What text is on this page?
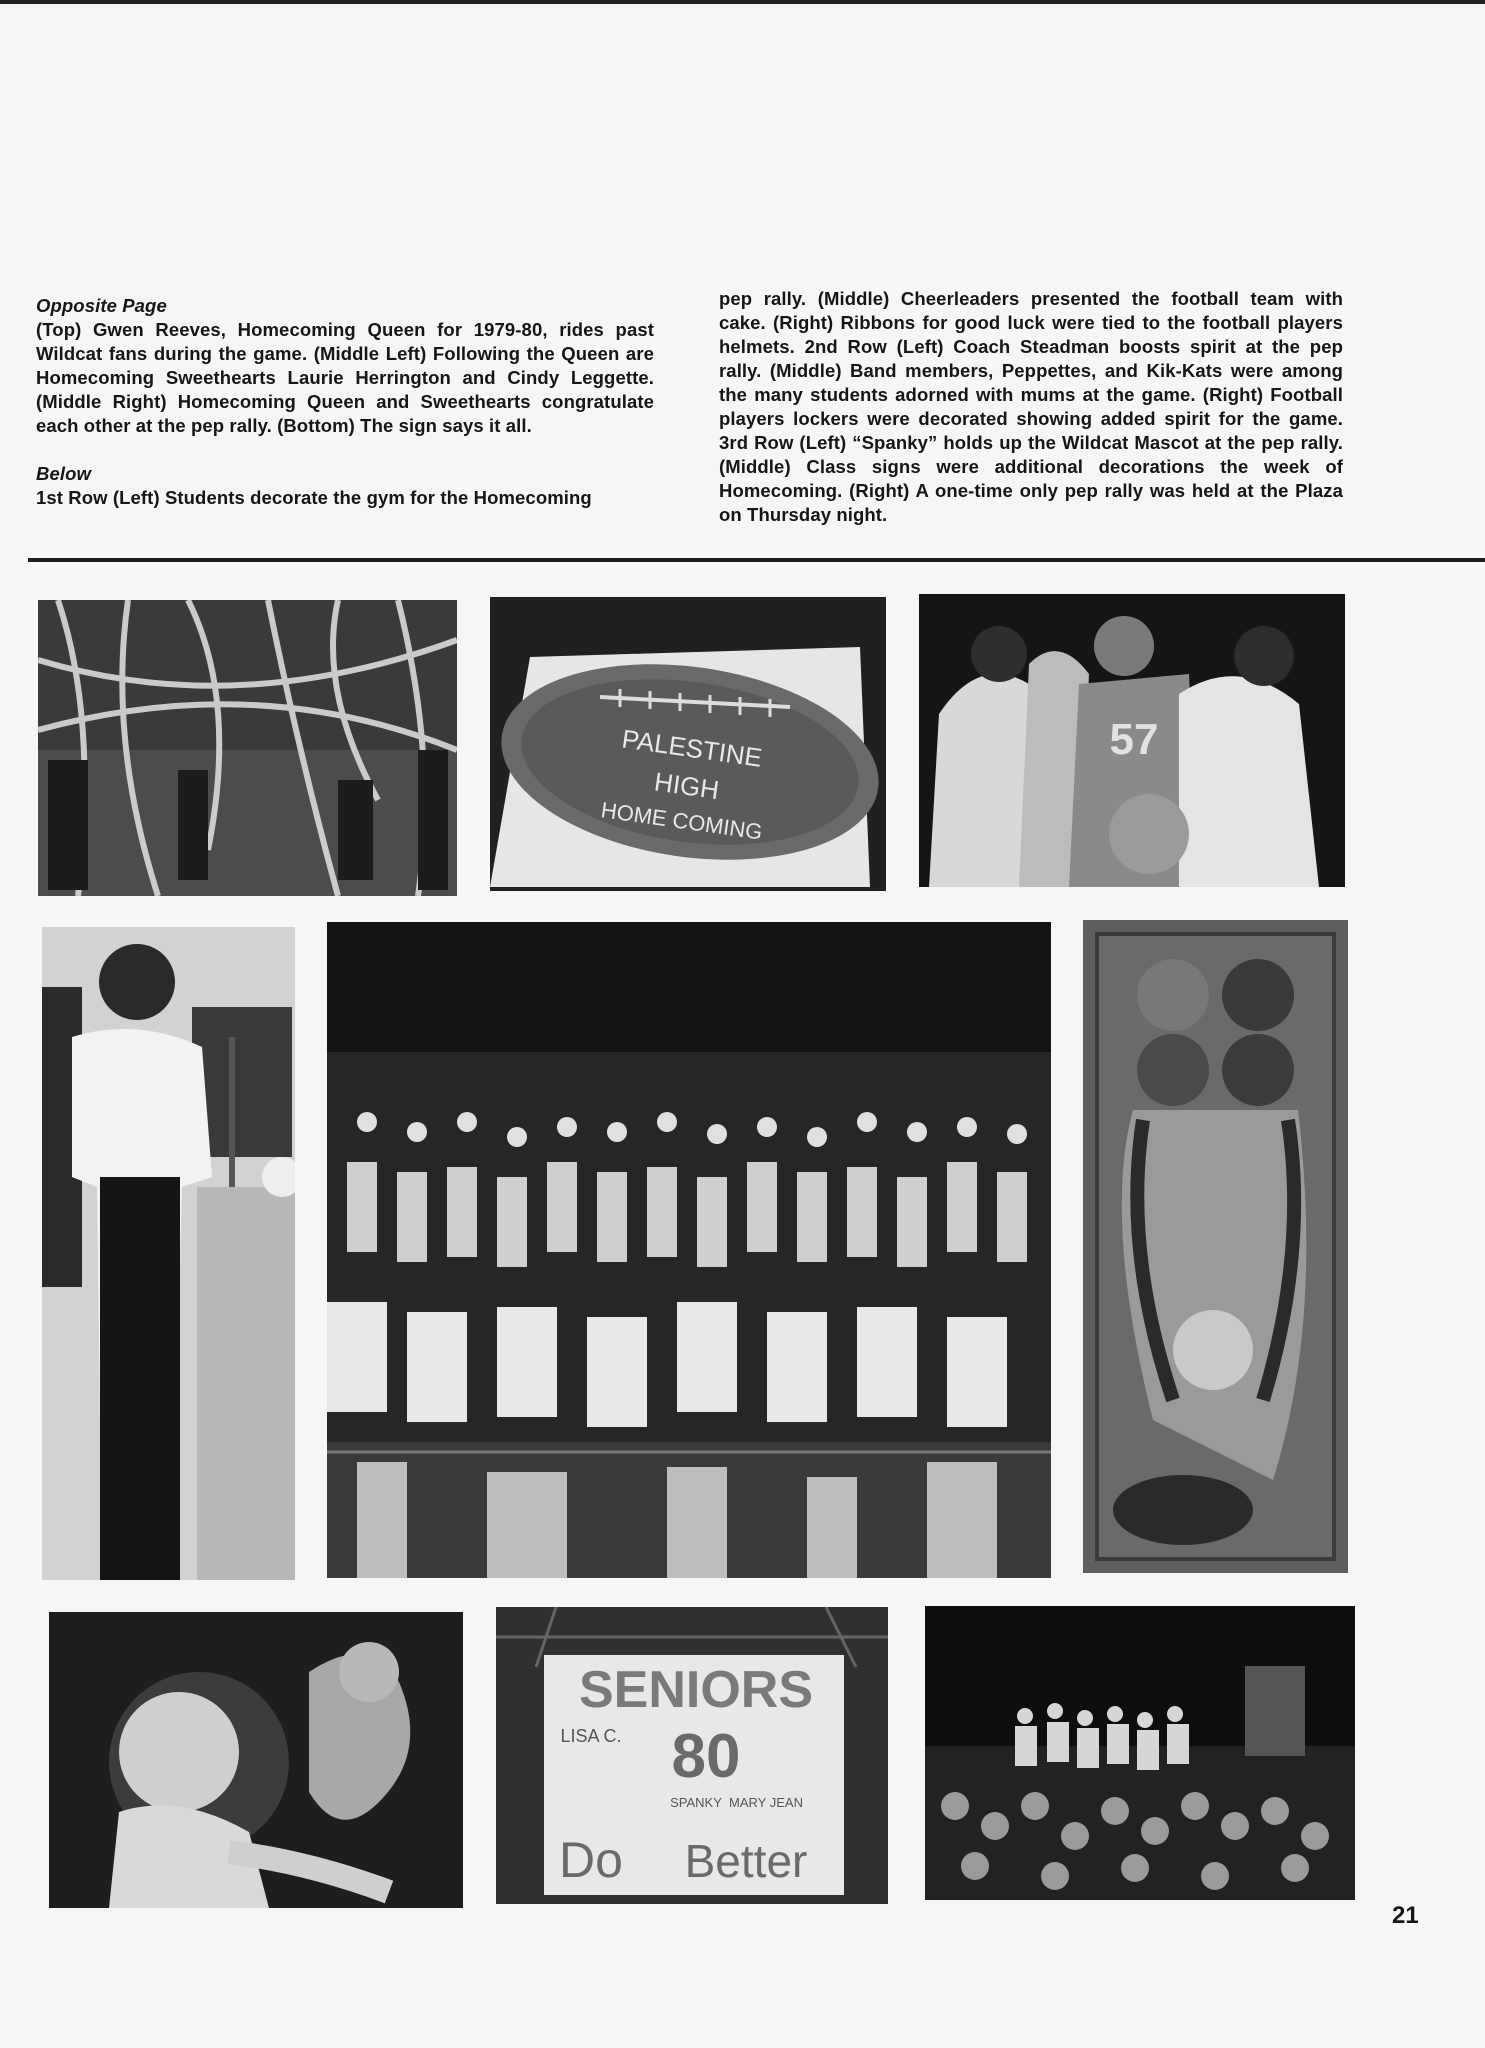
Opposite Page
(Top) Gwen Reeves, Homecoming Queen for 1979-80, rides past Wildcat fans during the game. (Middle Left) Following the Queen are Homecoming Sweethearts Laurie Herrington and Cindy Leggette. (Middle Right) Homecoming Queen and Sweethearts congratulate each other at the pep rally. (Bottom) The sign says it all.
Below
1st Row (Left) Students decorate the gym for the Homecoming
pep rally. (Middle) Cheerleaders presented the football team with cake. (Right) Ribbons for good luck were tied to the football players helmets. 2nd Row (Left) Coach Steadman boosts spirit at the pep rally. (Middle) Band members, Peppettes, and Kik-Kats were among the many students adorned with mums at the game. (Right) Football players lockers were decorated showing added spirit for the game. 3rd Row (Left) “Spanky” holds up the Wildcat Mascot at the pep rally. (Middle) Class signs were additional decorations the week of Homecoming. (Right) A one-time only pep rally was held at the Plaza on Thursday night.
PALESTINE
HIGH
HOME COMING
57
SENIORS
80
LISA C.
SPANKY MARY JEAN
Do Better
21
